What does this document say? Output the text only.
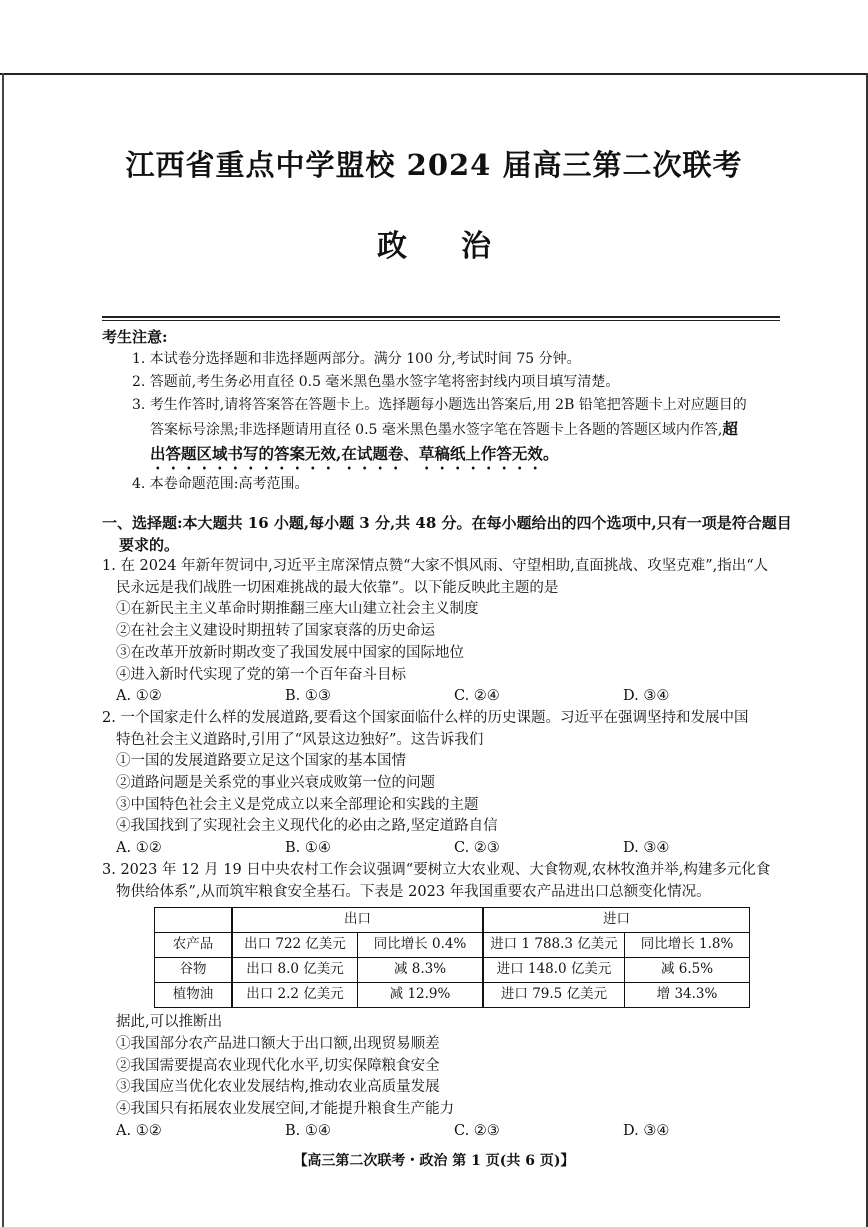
江西省重点中学盟校 2024 届高三第二次联考
政治
考生注意:
1. 本试卷分选择题和非选择题两部分。满分 100 分,考试时间 75 分钟。
2. 答题前,考生务必用直径 0.5 毫米黑色墨水签字笔将密封线内项目填写清楚。
3. 考生作答时,请将答案答在答题卡上。选择题每小题选出答案后,用 2B 铅笔把答题卡上对应题目的
答案标号涂黑;非选择题请用直径 0.5 毫米黑色墨水签字笔在答题卡上各题的答题区域内作答,超
出答题区域书写的答案无效,在试题卷、草稿纸上作答无效。
4. 本卷命题范围:高考范围。
一、选择题:本大题共 16 小题,每小题 3 分,共 48 分。在每小题给出的四个选项中,只有一项是符合题目
要求的。
1. 在 2024 年新年贺词中,习近平主席深情点赞“大家不惧风雨、守望相助,直面挑战、攻坚克难”,指出“人
民永远是我们战胜一切困难挑战的最大依靠”。以下能反映此主题的是
①在新民主主义革命时期推翻三座大山建立社会主义制度
②在社会主义建设时期扭转了国家衰落的历史命运
③在改革开放新时期改变了我国发展中国家的国际地位
④进入新时代实现了党的第一个百年奋斗目标
A. ①②	B. ①③	C. ②④	D. ③④
2. 一个国家走什么样的发展道路,要看这个国家面临什么样的历史课题。习近平在强调坚持和发展中国
特色社会主义道路时,引用了“风景这边独好”。这告诉我们
①一国的发展道路要立足这个国家的基本国情
②道路问题是关系党的事业兴衰成败第一位的问题
③中国特色社会主义是党成立以来全部理论和实践的主题
④我国找到了实现社会主义现代化的必由之路,坚定道路自信
A. ①②	B. ①④	C. ②③	D. ③④
3. 2023 年 12 月 19 日中央农村工作会议强调“要树立大农业观、大食物观,农林牧渔并举,构建多元化食
物供给体系”,从而筑牢粮食安全基石。下表是 2023 年我国重要农产品进出口总额变化情况。
	出口		进口	
农产品	出口 722 亿美元	同比增长 0.4%	进口 1 788.3 亿美元	同比增长 1.8%
谷物	出口 8.0 亿美元	减 8.3%	进口 148.0 亿美元	减 6.5%
植物油	出口 2.2 亿美元	减 12.9%	进口 79.5 亿美元	增 34.3%
据此,可以推断出
①我国部分农产品进口额大于出口额,出现贸易顺差
②我国需要提高农业现代化水平,切实保障粮食安全
③我国应当优化农业发展结构,推动农业高质量发展
④我国只有拓展农业发展空间,才能提升粮食生产能力
A. ①②	B. ①④	C. ②③	D. ③④
【高三第二次联考・政治 第 1 页(共 6 页)】
